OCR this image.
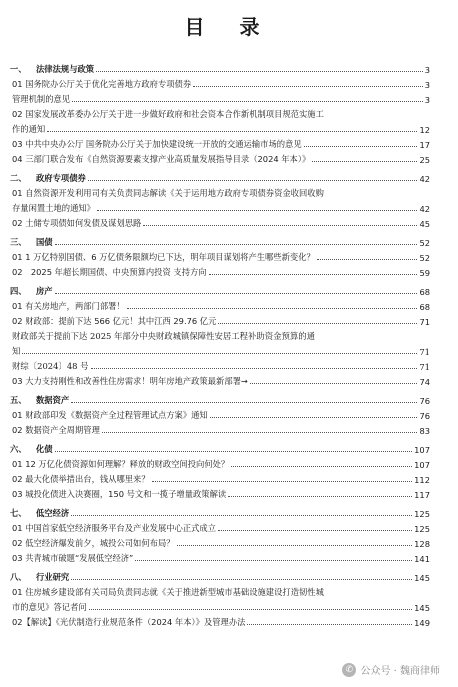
目 录
一、	法律法规与政策	3
01 国务院办公厅关于优化完善地方政府专项债券	3
管理机制的意见	3
02 国家发展改革委办公厅关于进一步做好政府和社会资本合作新机制项目规范实施工
作的通知	12
03 中共中央办公厅 国务院办公厅关于加快建设统一开放的交通运输市场的意见	17
04 三部门联合发布《自然资源要素支撑产业高质量发展指导目录（2024 年本）》	25
二、	政府专项债券	42
01 自然资源开发利用司有关负责同志解读《关于运用地方政府专项债券资金收回收购
存量闲置土地的通知》	42
02 土储专项债如何发债及谋划思路	45
三、	国债	52
01 1 万亿特别国债、6 万亿债务限额均已下达，明年项目谋划将产生哪些新变化？	52
02　2025 年超长期国债、中央预算内投资 支持方向	59
四、	房产	68
01 有关房地产，两部门部署！	68
02 财政部：提前下达 566 亿元！其中江西 29.76 亿元	71
财政部关于提前下达 2025 年部分中央财政城镇保障性安居工程补助资金预算的通
知	71
财综〔2024〕48 号	71
03 大力支持刚性和改善性住房需求！明年房地产政策最新部署→	74
五、	数据资产	76
01 财政部印发《数据资产全过程管理试点方案》通知	76
02 数据资产全周期管理	83
六、	化债	107
01 12 万亿化债资源如何理解？释放的财政空间投向何处？	107
02 最大化债举措出台，钱从哪里来？	112
03 城投化债进入决赛圈，150 号文和一揽子增量政策解读	117
七、	低空经济	125
01 中国首家低空经济服务平台及产业发展中心正式成立	125
02 低空经济爆发前夕，城投公司如何布局？	128
03 共青城市破题“发展低空经济”	141
八、	行业研究	145
01 住房城乡建设部有关司局负责同志就《关于推进新型城市基础设施建设打造韧性城
市的意见》答记者问	145
02【解读】《光伏制造行业规范条件（2024 年本）》及管理办法	149
✆ 公众号 · 魏商律师
